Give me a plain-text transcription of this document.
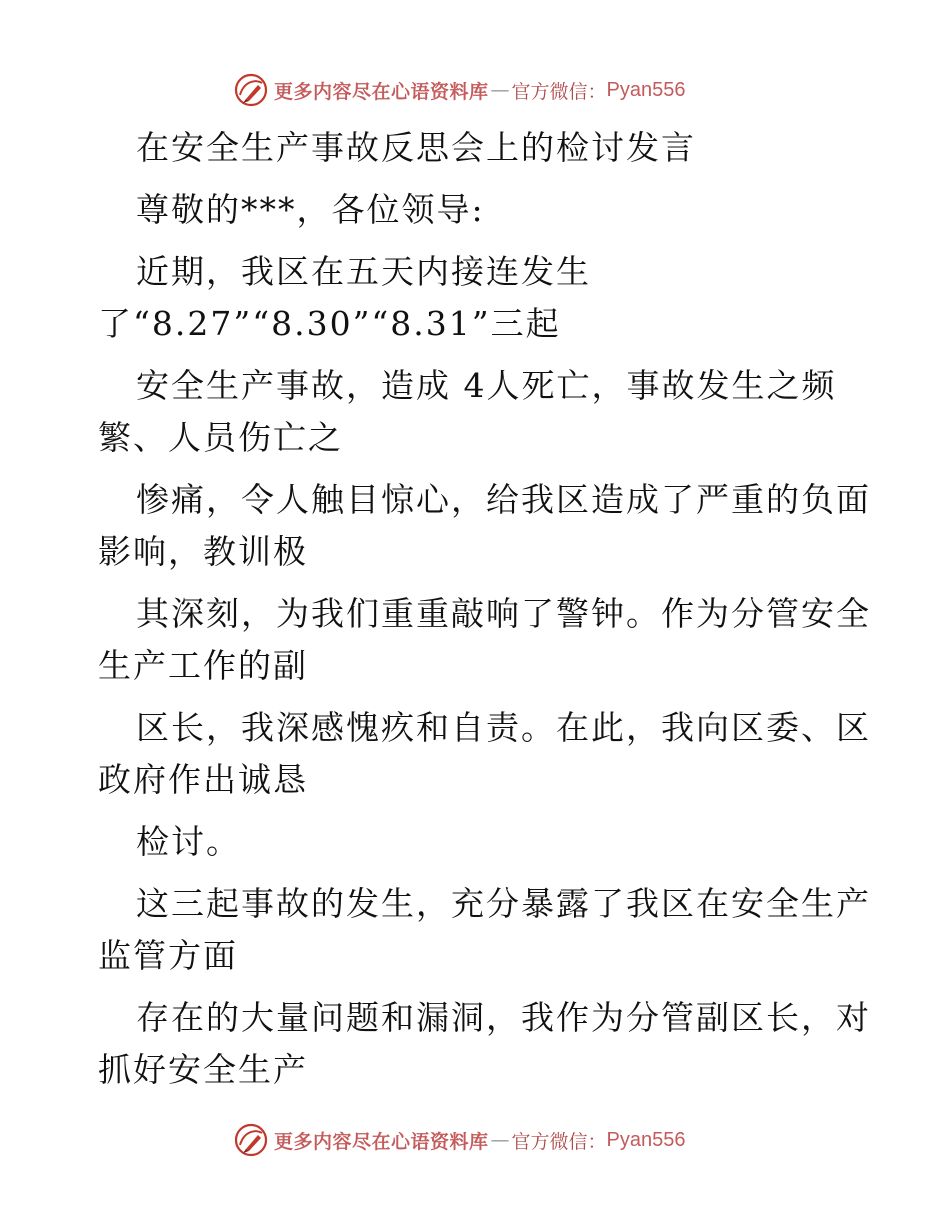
更多内容尽在心语资料库 — 官方微信： Pyan556
在安全生产事故反思会上的检讨发言
尊敬的***，各位领导:
近期，我区在五天内接连发生
了“8.27”“8.30”“8.31”三起
安全生产事故，造成 4人死亡，事故发生之频
繁、人员伤亡之
惨痛，令人触目惊心，给我区造成了严重的负面
影响，教训极
其深刻，为我们重重敲响了警钟。作为分管安全
生产工作的副
区长，我深感愧疚和自责。在此，我向区委、区
政府作出诚恳
检讨。
这三起事故的发生，充分暴露了我区在安全生产
监管方面
存在的大量问题和漏洞，我作为分管副区长，对
抓好安全生产
更多内容尽在心语资料库 — 官方微信： Pyan556
